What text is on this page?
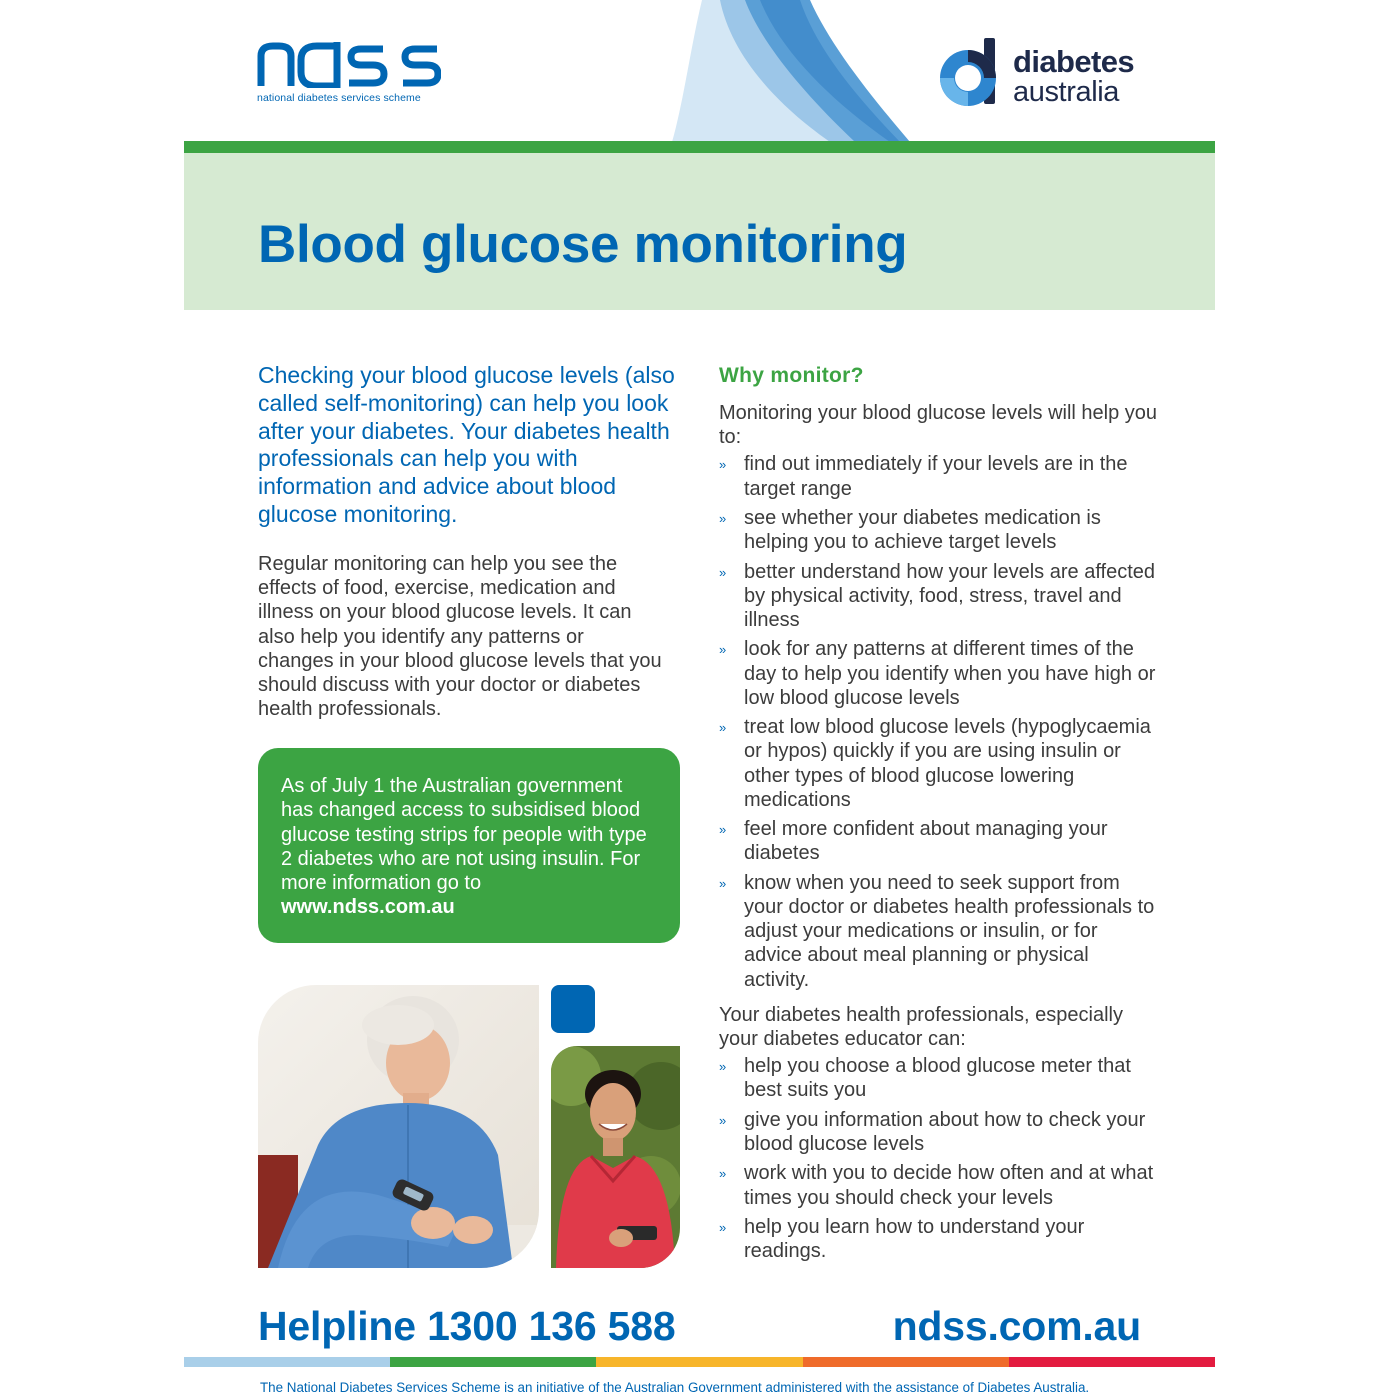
national diabetes services scheme
diabetes
australia
Blood glucose monitoring

Checking your blood glucose levels (also called self-monitoring) can help you look after your diabetes. Your diabetes health professionals can help you with information and advice about blood glucose monitoring.

Regular monitoring can help you see the effects of food, exercise, medication and illness on your blood glucose levels. It can also help you identify any patterns or changes in your blood glucose levels that you should discuss with your doctor or diabetes health professionals.

As of July 1 the Australian government has changed access to subsidised blood glucose testing strips for people with type 2 diabetes who are not using insulin. For more information go to
www.ndss.com.au
Why monitor?

Monitoring your blood glucose levels will help you to:

» find out immediately if your levels are in the target range
» see whether your diabetes medication is helping you to achieve target levels
» better understand how your levels are affected by physical activity, food, stress, travel and illness
» look for any patterns at different times of the day to help you identify when you have high or low blood glucose levels
» treat low blood glucose levels (hypoglycaemia or hypos) quickly if you are using insulin or other types of blood glucose lowering medications
» feel more confident about managing your diabetes
» know when you need to seek support from your doctor or diabetes health professionals to adjust your medications or insulin, or for advice about meal planning or physical activity.

Your diabetes health professionals, especially your diabetes educator can:

» help you choose a blood glucose meter that best suits you
» give you information about how to check your blood glucose levels
» work with you to decide how often and at what times you should check your levels
» help you learn how to understand your readings.
Helpline 1300 136 588	ndss.com.au
The National Diabetes Services Scheme is an initiative of the Australian Government administered with the assistance of Diabetes Australia.
